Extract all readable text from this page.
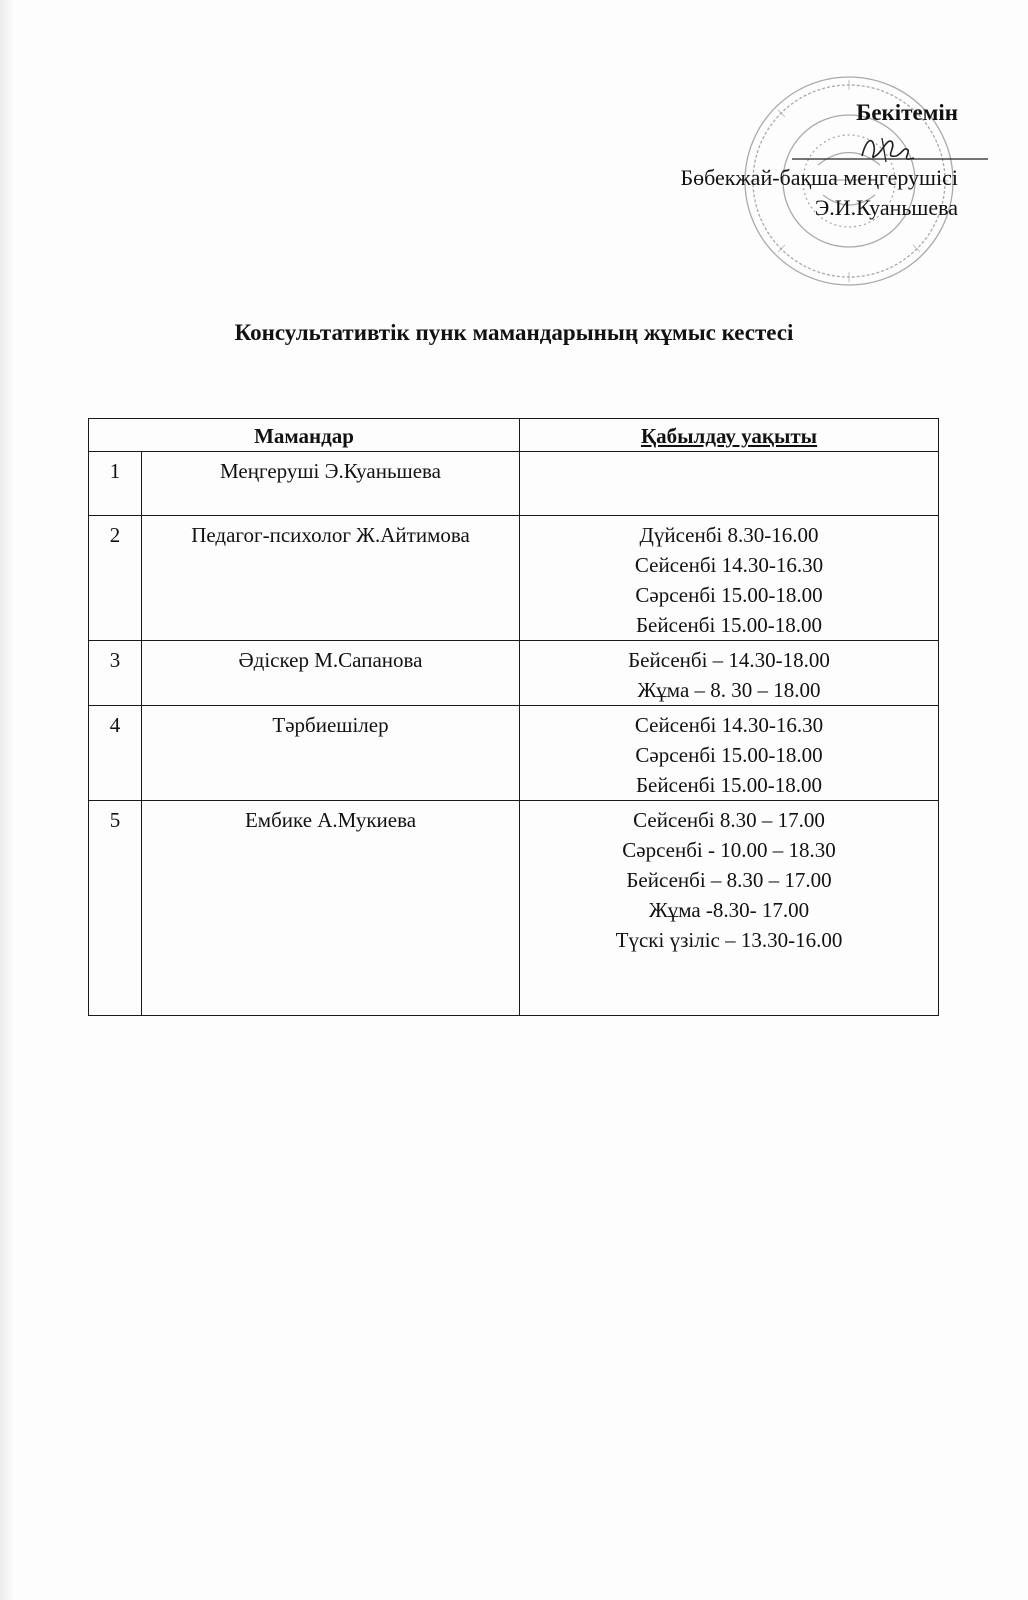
Бекітемін
Бөбекжай-бақша меңгерушісі
Э.И.Куаньшева
Консультативтік пунк мамандарының жұмыс кестесі
Мамандар		Қабылдау уақыты
1	Меңгеруші Э.Куаньшева	
2	Педагог-психолог Ж.Айтимова	Дүйсенбі 8.30-16.00
Сейсенбі 14.30-16.30
Сәрсенбі 15.00-18.00
Бейсенбі 15.00-18.00

3	Әдіскер М.Сапанова	Бейсенбі – 14.30-18.00
Жұма – 8. 30 – 18.00

4	Тәрбиешілер	Сейсенбі 14.30-16.30
Сәрсенбі 15.00-18.00
Бейсенбі 15.00-18.00

5	Ембике А.Мукиева	Сейсенбі 8.30 – 17.00
Сәрсенбі - 10.00 – 18.30
Бейсенбі – 8.30 – 17.00
Жұма -8.30- 17.00
Түскі үзіліс – 13.30-16.00
